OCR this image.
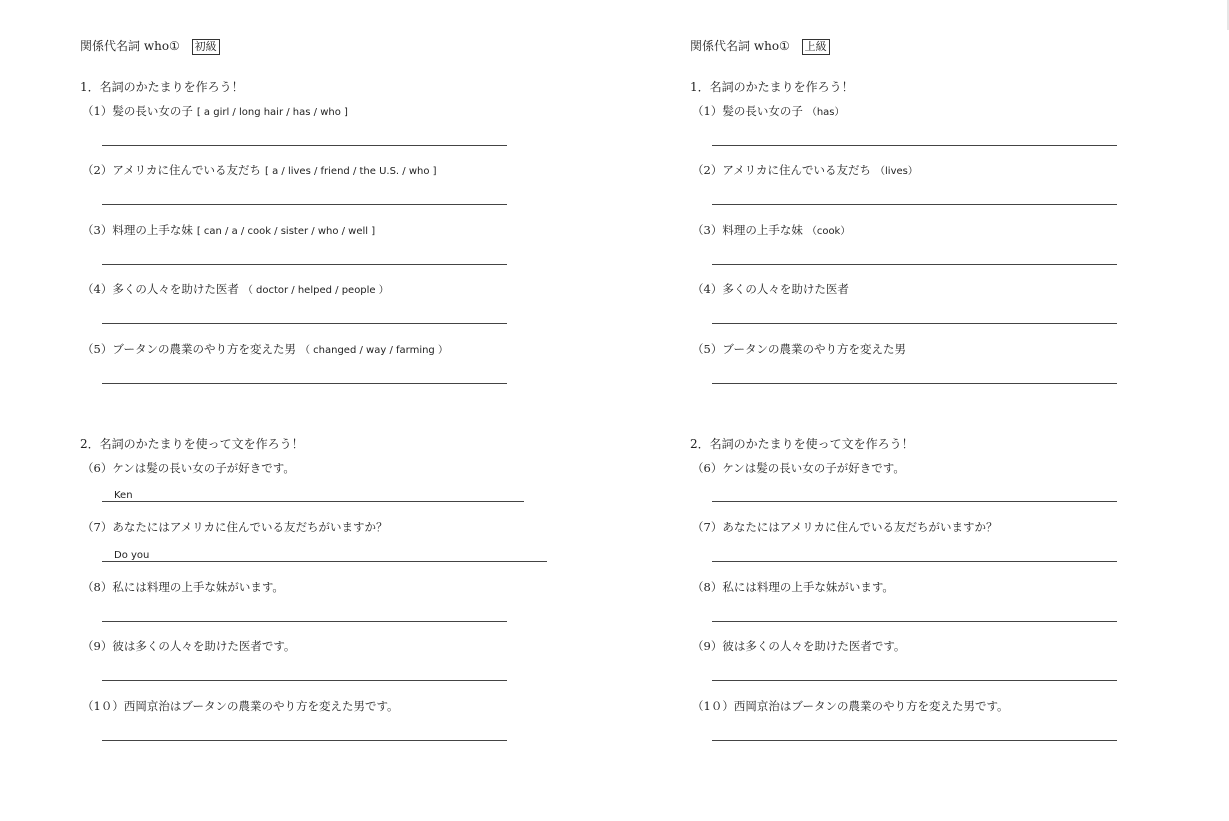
関係代名詞 who① 初級
1．名詞のかたまりを作ろう！
（1）髪の長い女の子 [ a girl / long hair / has / who ]
（2）アメリカに住んでいる友だち [ a / lives / friend / the U.S. / who ]
（3）料理の上手な妹 [ can / a / cook / sister / who / well ]
（4）多くの人々を助けた医者 （ doctor / helped / people ）
（5）ブータンの農業のやり方を変えた男 （ changed / way / farming ）
2．名詞のかたまりを使って文を作ろう！
（6）ケンは髪の長い女の子が好きです。
Ken
（7）あなたにはアメリカに住んでいる友だちがいますか？
Do you
（8）私には料理の上手な妹がいます。
（9）彼は多くの人々を助けた医者です。
（1０）西岡京治はブータンの農業のやり方を変えた男です。
関係代名詞 who① 上級
1．名詞のかたまりを作ろう！
（1）髪の長い女の子 （has）
（2）アメリカに住んでいる友だち （lives）
（3）料理の上手な妹 （cook）
（4）多くの人々を助けた医者
（5）ブータンの農業のやり方を変えた男
2．名詞のかたまりを使って文を作ろう！
（6）ケンは髪の長い女の子が好きです。
（7）あなたにはアメリカに住んでいる友だちがいますか？
（8）私には料理の上手な妹がいます。
（9）彼は多くの人々を助けた医者です。
（1０）西岡京治はブータンの農業のやり方を変えた男です。
